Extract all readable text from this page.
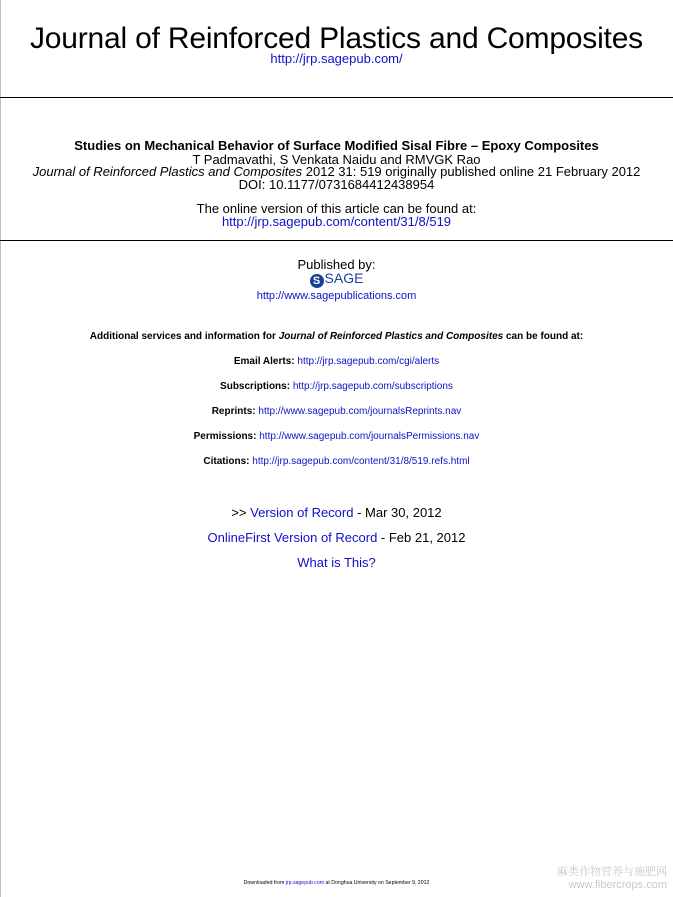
Journal of Reinforced Plastics and Composites
http://jrp.sagepub.com/
Studies on Mechanical Behavior of Surface Modified Sisal Fibre – Epoxy Composites
T Padmavathi, S Venkata Naidu and RMVGK Rao
Journal of Reinforced Plastics and Composites 2012 31: 519 originally published online 21 February 2012
DOI: 10.1177/0731684412438954
The online version of this article can be found at:
http://jrp.sagepub.com/content/31/8/519
Published by:
S SAGE
http://www.sagepublications.com
Additional services and information for Journal of Reinforced Plastics and Composites can be found at:
Email Alerts: http://jrp.sagepub.com/cgi/alerts
Subscriptions: http://jrp.sagepub.com/subscriptions
Reprints: http://www.sagepub.com/journalsReprints.nav
Permissions: http://www.sagepub.com/journalsPermissions.nav
Citations: http://jrp.sagepub.com/content/31/8/519.refs.html
>> Version of Record - Mar 30, 2012
OnlineFirst Version of Record - Feb 21, 2012
What is This?
Downloaded from jrp.sagepub.com at Donghua University on September 9, 2012
麻类作物营养与施肥网
www.fibercrops.com
